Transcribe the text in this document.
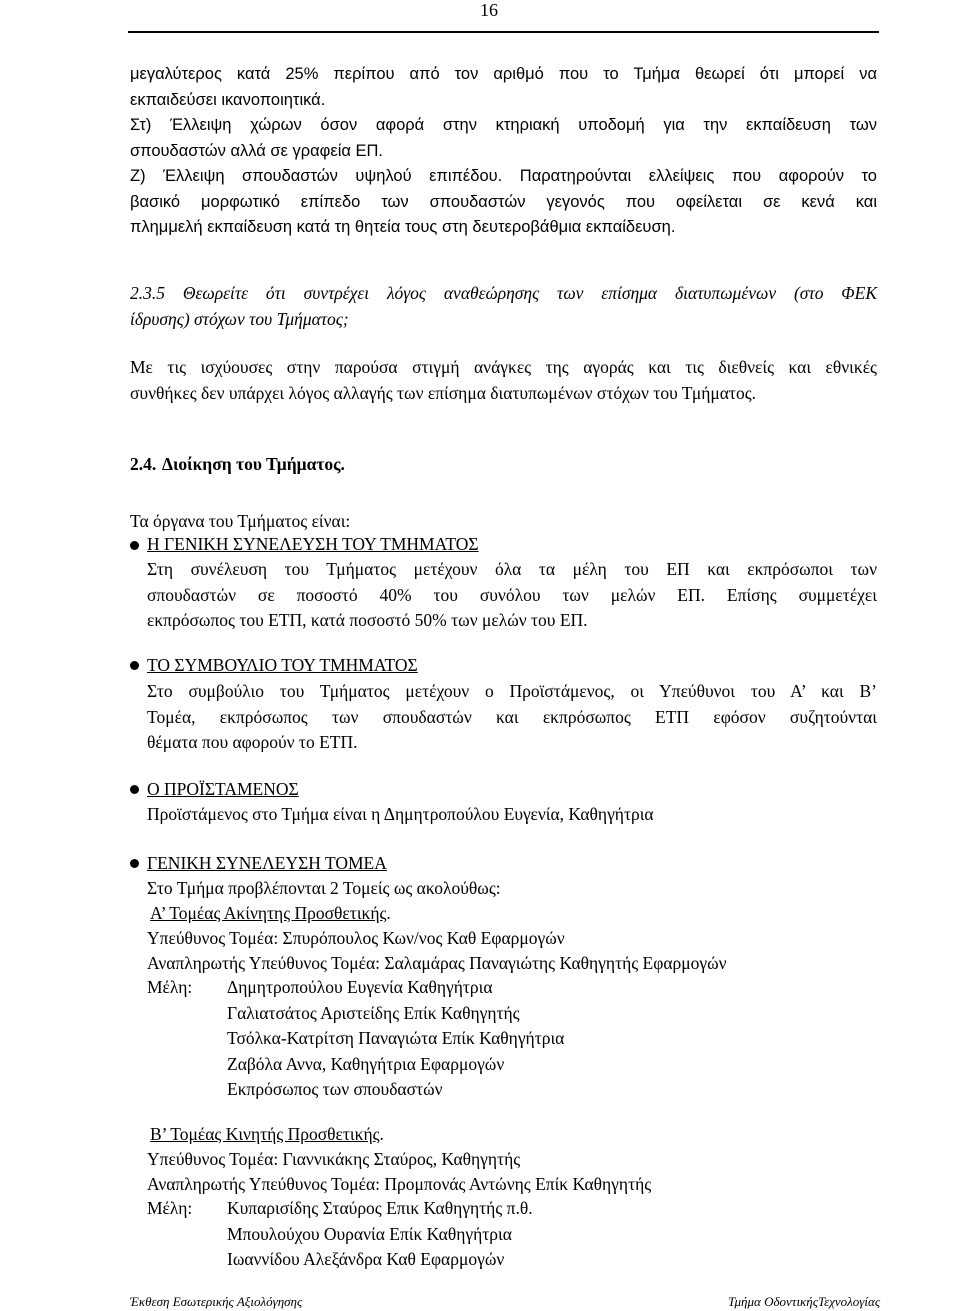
16
μεγαλύτερος κατά 25% περίπου από τον αριθμό που το Τμήμα θεωρεί ότι μπορεί να
εκπαιδεύσει ικανοποιητικά.
Στ) Έλλειψη χώρων όσον αφορά στην κτηριακή υποδομή για την εκπαίδευση των
σπουδαστών αλλά σε γραφεία ΕΠ.
Ζ) Έλλειψη σπουδαστών υψηλού επιπέδου. Παρατηρούνται ελλείψεις που αφορούν το
βασικό μορφωτικό επίπεδο των σπουδαστών γεγονός που οφείλεται σε κενά και
πλημμελή εκπαίδευση κατά τη θητεία τους στη δευτεροβάθμια εκπαίδευση.
2.3.5 Θεωρείτε ότι συντρέχει λόγος αναθεώρησης των επίσημα διατυπωμένων (στο ΦΕΚ
ίδρυσης) στόχων του Τμήματος;
Με τις ισχύουσες στην παρούσα στιγμή ανάγκες της αγοράς και τις διεθνείς και εθνικές
συνθήκες δεν υπάρχει λόγος αλλαγής των επίσημα διατυπωμένων στόχων του Τμήματος.
2.4. Διοίκηση του Τμήματος.
Τα όργανα του Τμήματος είναι:
Η ΓΕΝΙΚΗ ΣΥΝΕΛΕΥΣΗ ΤΟΥ ΤΜΗΜΑΤΟΣ
Στη συνέλευση του Τμήματος μετέχουν όλα τα μέλη του ΕΠ και εκπρόσωποι των
σπουδαστών σε ποσοστό 40% του συνόλου των μελών ΕΠ. Επίσης συμμετέχει
εκπρόσωπος του ΕΤΠ, κατά ποσοστό 50% των μελών του ΕΠ.
ΤΟ ΣΥΜΒΟΥΛΙΟ ΤΟΥ ΤΜΗΜΑΤΟΣ
Στο συμβούλιο του Τμήματος μετέχουν ο Προϊστάμενος, οι Υπεύθυνοι του Α’ και Β’
Τομέα, εκπρόσωπος των σπουδαστών και εκπρόσωπος ΕΤΠ εφόσον συζητούνται
θέματα που αφορούν το ΕΤΠ.
Ο ΠΡΟΪΣΤΑΜΕΝΟΣ
Προϊστάμενος στο Τμήμα είναι η Δημητροπούλου Ευγενία, Καθηγήτρια
ΓΕΝΙΚΗ ΣΥΝΕΛΕΥΣΗ ΤΟΜΕΑ
Στο Τμήμα προβλέπονται 2 Τομείς ως ακολούθως:
Α’ Τομέας Ακίνητης Προσθετικής.
Υπεύθυνος Τομέα: Σπυρόπουλος Κων/νος Καθ Εφαρμογών
Αναπληρωτής Υπεύθυνος Τομέα: Σαλαμάρας Παναγιώτης Καθηγητής Εφαρμογών
Μέλη: Δημητροπούλου Ευγενία Καθηγήτρια
Γαλιατσάτος Αριστείδης Επίκ Καθηγητής
Τσόλκα-Κατρίτση Παναγιώτα Επίκ Καθηγήτρια
Ζαβόλα Αννα, Καθηγήτρια Εφαρμογών
Εκπρόσωπος των σπουδαστών
Β’ Τομέας Κινητής Προσθετικής.
Υπεύθυνος Τομέα: Γιαννικάκης Σταύρος, Καθηγητής
Αναπληρωτής Υπεύθυνος Τομέα: Προμπονάς Αντώνης Επίκ Καθηγητής
Μέλη: Κυπαρισίδης Σταύρος Επικ Καθηγητής π.θ.
Μπουλούχου Ουρανία Επίκ Καθηγήτρια
Ιωαννίδου Αλεξάνδρα Καθ Εφαρμογών
Έκθεση Εσωτερικής Αξιολόγησης	Τμήμα ΟδοντικήςΤεχνολογίας
